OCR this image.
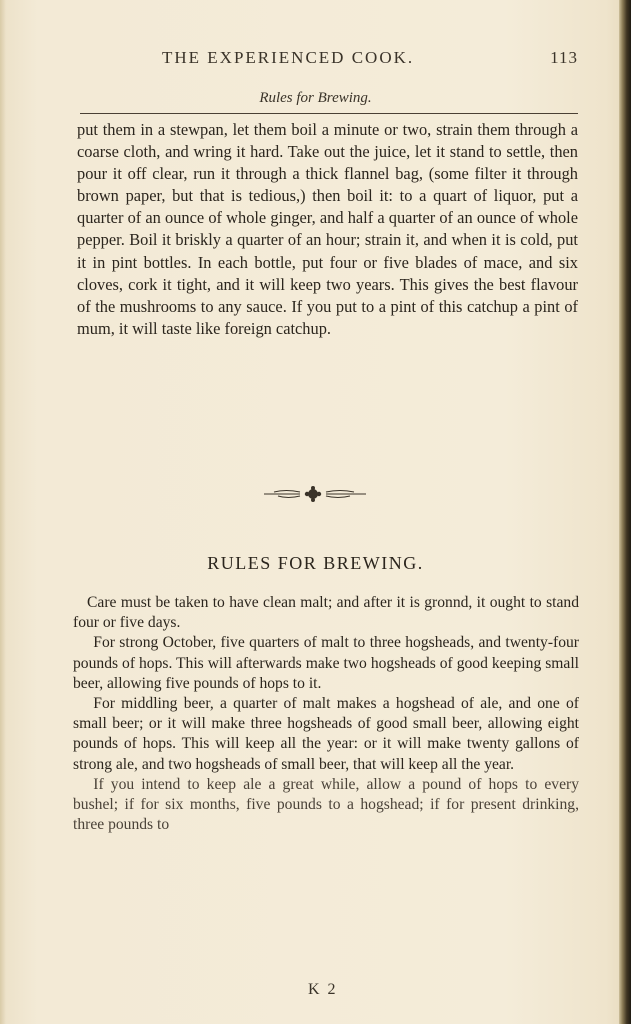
THE EXPERIENCED COOK.	113
Rules for Brewing.

put them in a stewpan, let them boil a minute or two, strain them through a coarse cloth, and wring it hard. Take out the juice, let it stand to settle, then pour it off clear, run it through a thick flannel bag, (some filter it through brown paper, but that is tedious,) then boil it: to a quart of liquor, put a quarter of an ounce of whole ginger, and half a quarter of an ounce of whole pepper. Boil it briskly a quarter of an hour; strain it, and when it is cold, put it in pint bottles. In each bottle, put four or five blades of mace, and six cloves, cork it tight, and it will keep two years. This gives the best flavour of the mushrooms to any sauce. If you put to a pint of this catchup a pint of mum, it will taste like foreign catchup.

RULES FOR BREWING.

Care must be taken to have clean malt; and after it is gronnd, it ought to stand four or five days.

For strong October, five quarters of malt to three hogsheads, and twenty-four pounds of hops. This will afterwards make two hogsheads of good keeping small beer, allowing five pounds of hops to it.

For middling beer, a quarter of malt makes a hogshead of ale, and one of small beer; or it will make three hogsheads of good small beer, allowing eight pounds of hops. This will keep all the year: or it will make twenty gallons of strong ale, and two hogsheads of small beer, that will keep all the year.

If you intend to keep ale a great while, allow a pound of hops to every bushel; if for six months, five pounds to a hogshead; if for present drinking, three pounds to

K 2
